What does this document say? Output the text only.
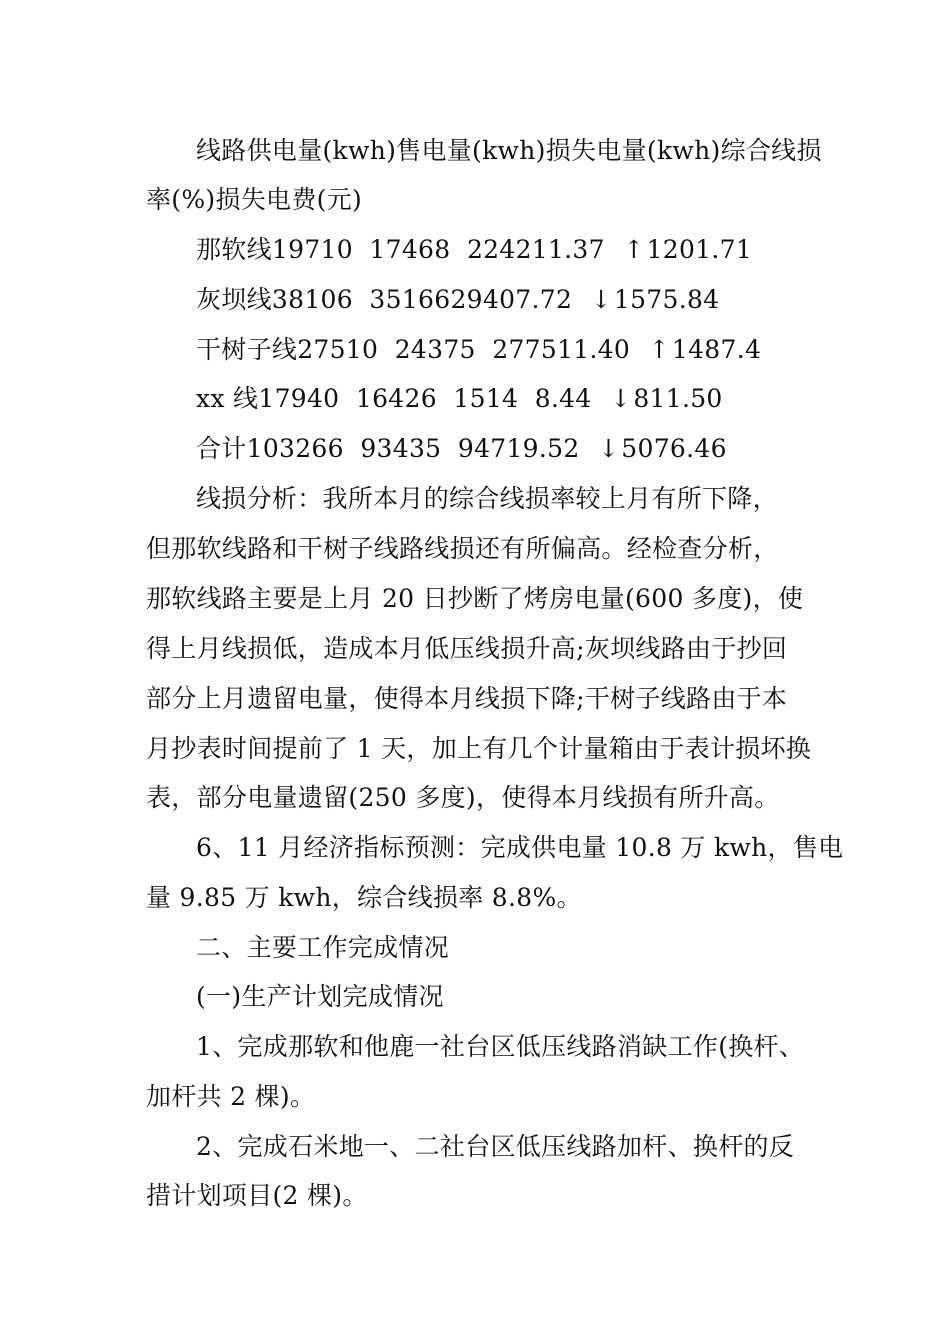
线路供电量(kwh)售电量(kwh)损失电量(kwh)综合线损
率(%)损失电费(元)
那软线19710  17468  224211.37  ↑1201.71
灰坝线38106  3516629407.72  ↓1575.84
干树子线27510  24375  277511.40  ↑1487.4
xx 线17940  16426  1514  8.44  ↓811.50
合计103266  93435  94719.52  ↓5076.46
线损分析：我所本月的综合线损率较上月有所下降，
但那软线路和干树子线路线损还有所偏高。经检查分析，
那软线路主要是上月 20 日抄断了烤房电量(600 多度)，使
得上月线损低，造成本月低压线损升高;灰坝线路由于抄回
部分上月遗留电量，使得本月线损下降;干树子线路由于本
月抄表时间提前了 1 天，加上有几个计量箱由于表计损坏换
表，部分电量遗留(250 多度)，使得本月线损有所升高。
6、11 月经济指标预测：完成供电量 10.8 万 kwh，售电
量 9.85 万 kwh，综合线损率 8.8%。
二、主要工作完成情况
(一)生产计划完成情况
1、完成那软和他鹿一社台区低压线路消缺工作(换杆、
加杆共 2 棵)。
2、完成石米地一、二社台区低压线路加杆、换杆的反
措计划项目(2 棵)。
